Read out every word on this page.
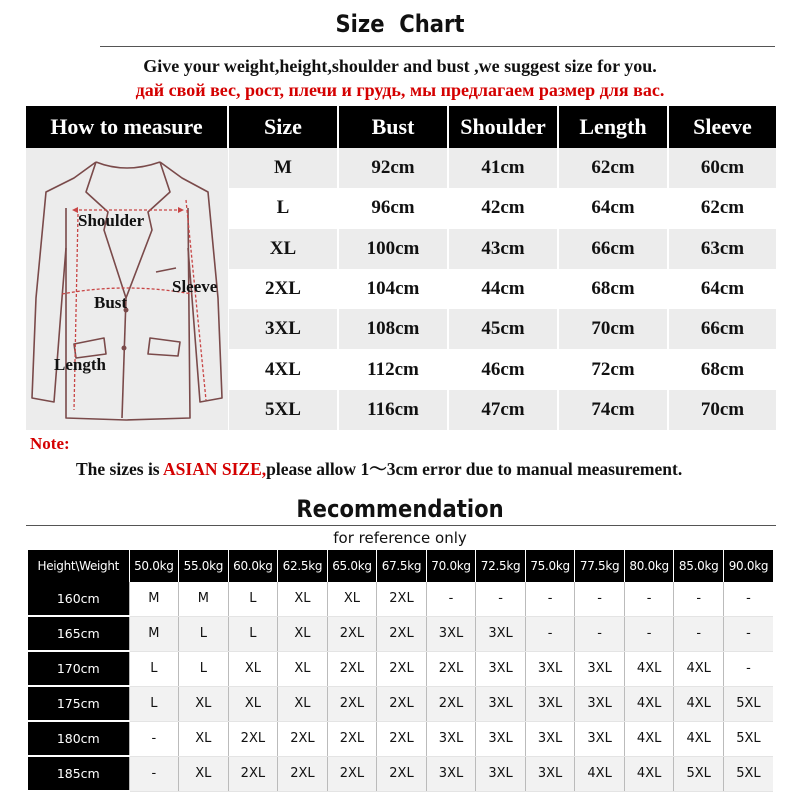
Size  Chart
Give your weight,height,shoulder and bust ,we suggest size for you.
дай свой вес, рост, плечи и грудь, мы предлагаем размер для вас.
How to measure	Size	Bust	Shoulder	Length	Sleeve

Shoulder
Bust
Sleeve
Length	M	92cm	41cm	62cm	60cm
	L	96cm	42cm	64cm	62cm
	XL	100cm	43cm	66cm	63cm
	2XL	104cm	44cm	68cm	64cm
	3XL	108cm	45cm	70cm	66cm
	4XL	112cm	46cm	72cm	68cm
	5XL	116cm	47cm	74cm	70cm
Note:
The sizes is ASIAN SIZE,please allow 1～3cm error due to manual measurement.
Recommendation
for reference only
Height\Weight	50.0kg	55.0kg	60.0kg	62.5kg	65.0kg	67.5kg	70.0kg	72.5kg	75.0kg	77.5kg	80.0kg	85.0kg	90.0kg
160cm	M	M	L	XL	XL	2XL	-	-	-	-	-	-	-
165cm	M	L	L	XL	2XL	2XL	3XL	3XL	-	-	-	-	-
170cm	L	L	XL	XL	2XL	2XL	2XL	3XL	3XL	3XL	4XL	4XL	-
175cm	L	XL	XL	XL	2XL	2XL	2XL	3XL	3XL	3XL	4XL	4XL	5XL
180cm	-	XL	2XL	2XL	2XL	2XL	3XL	3XL	3XL	3XL	4XL	4XL	5XL
185cm	-	XL	2XL	2XL	2XL	2XL	3XL	3XL	3XL	4XL	4XL	5XL	5XL
